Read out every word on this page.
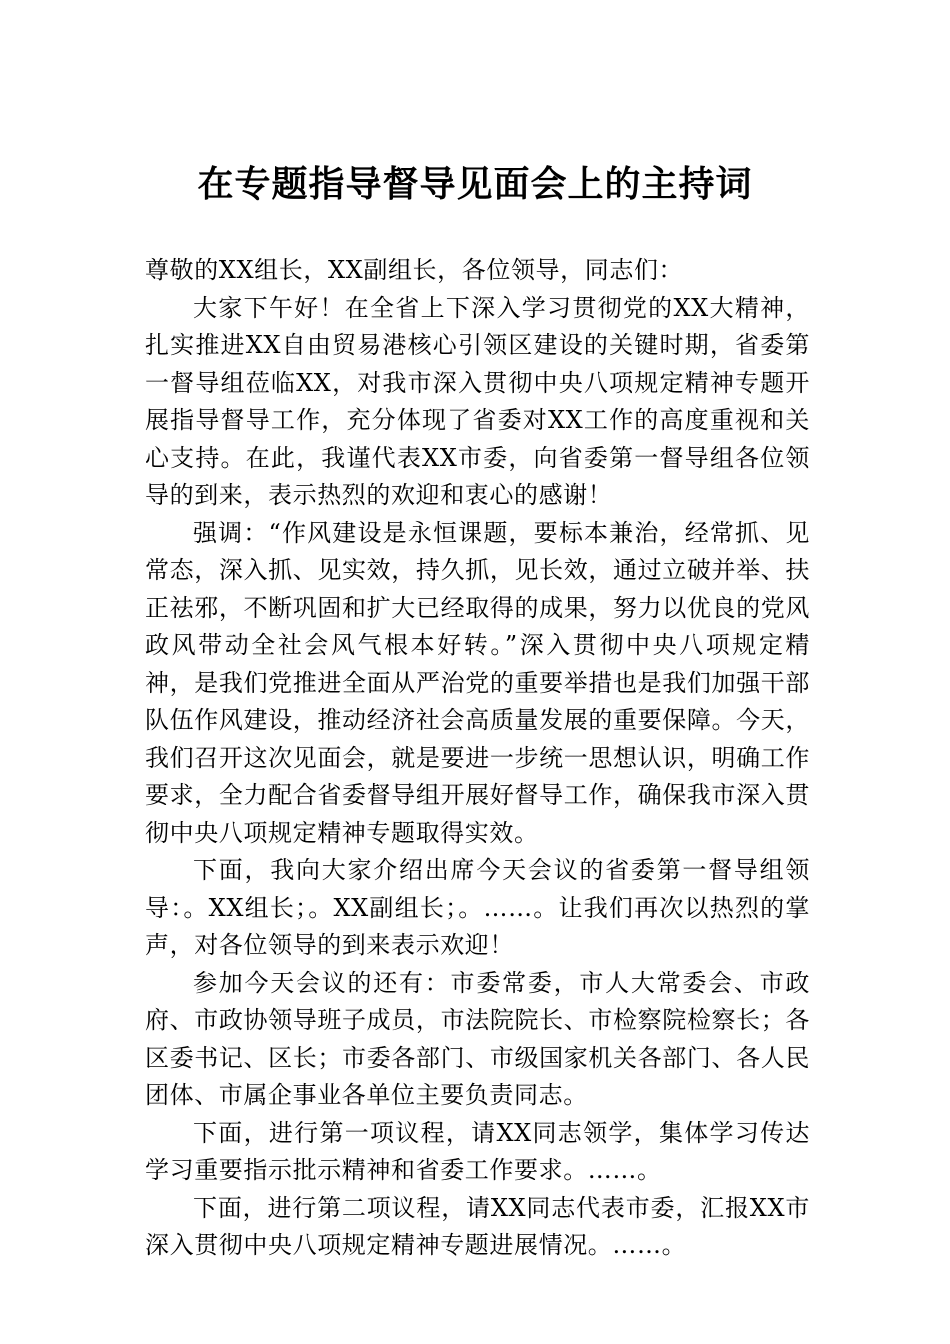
在专题指导督导见面会上的主持词

尊敬的XX组长，XX副组长，各位领导，同志们：

大家下午好！在全省上下深入学习贯彻党的XX大精神，扎实推进XX自由贸易港核心引领区建设的关键时期，省委第一督导组莅临XX，对我市深入贯彻中央八项规定精神专题开展指导督导工作，充分体现了省委对XX工作的高度重视和关心支持。在此，我谨代表XX市委，向省委第一督导组各位领导的到来，表示热烈的欢迎和衷心的感谢！

强调：“作风建设是永恒课题，要标本兼治，经常抓、见常态，深入抓、见实效，持久抓，见长效，通过立破并举、扶正祛邪，不断巩固和扩大已经取得的成果，努力以优良的党风政风带动全社会风气根本好转。”深入贯彻中央八项规定精神，是我们党推进全面从严治党的重要举措也是我们加强干部队伍作风建设，推动经济社会高质量发展的重要保障。今天，我们召开这次见面会，就是要进一步统一思想认识，明确工作要求，全力配合省委督导组开展好督导工作，确保我市深入贯彻中央八项规定精神专题取得实效。

下面，我向大家介绍出席今天会议的省委第一督导组领导：。XX组长；。XX副组长；。……。让我们再次以热烈的掌声，对各位领导的到来表示欢迎！

参加今天会议的还有：市委常委，市人大常委会、市政府、市政协领导班子成员，市法院院长、市检察院检察长；各区委书记、区长；市委各部门、市级国家机关各部门、各人民团体、市属企事业各单位主要负责同志。

下面，进行第一项议程，请XX同志领学，集体学习传达学习重要指示批示精神和省委工作要求。……。

下面，进行第二项议程，请XX同志代表市委，汇报XX市深入贯彻中央八项规定精神专题进展情况。……。
